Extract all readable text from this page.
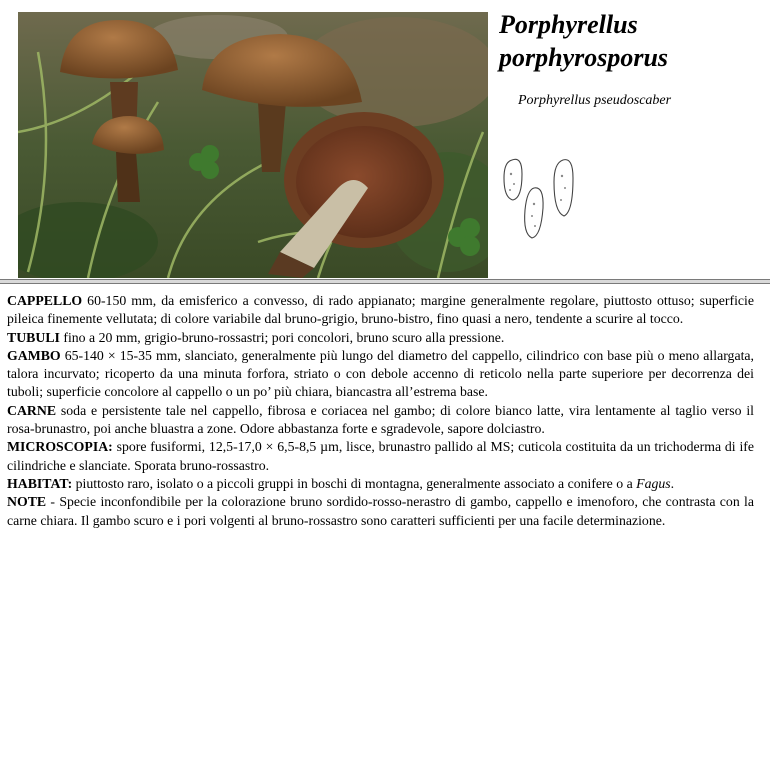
Porphyrellus
porphyrosporus
Porphyrellus pseudoscaber

CAPPELLO 60-150 mm, da emisferico a convesso, di rado appianato; margine generalmente regolare, piuttosto ottuso; superficie pileica finemente vellutata; di colore variabile dal bruno-grigio, bruno-bistro, fino quasi a nero, tendente a scurire al tocco.

TUBULI fino a 20 mm, grigio-bruno-rossastri; pori concolori, bruno scuro alla pressione.

GAMBO 65-140 × 15-35 mm, slanciato, generalmente più lungo del diametro del cappello, cilindrico con base più o meno allargata, talora incurvato; ricoperto da una minuta forfora, striato o con debole accenno di reticolo nella parte superiore per decorrenza dei tuboli; superficie concolore al cappello o un po’ più chiara, biancastra all’estrema base.

CARNE soda e persistente tale nel cappello, fibrosa e coriacea nel gambo; di colore bianco latte, vira lentamente al taglio verso il rosa-brunastro, poi anche bluastra a zone. Odore abbastanza forte e sgradevole, sapore dolciastro.

MICROSCOPIA: spore fusiformi, 12,5-17,0 × 6,5-8,5 µm, lisce, brunastro pallido al MS; cuticola costituita da un trichoderma di ife cilindriche e slanciate. Sporata bruno-rossastro.

HABITAT: piuttosto raro, isolato o a piccoli gruppi in boschi di montagna, generalmente associato a conifere o a Fagus.

NOTE - Specie inconfondibile per la colorazione bruno sordido-rosso-nerastro di gambo, cappello e imenoforo, che contrasta con la carne chiara. Il gambo scuro e i pori volgenti al bruno-rossastro sono caratteri sufficienti per una facile determinazione.
